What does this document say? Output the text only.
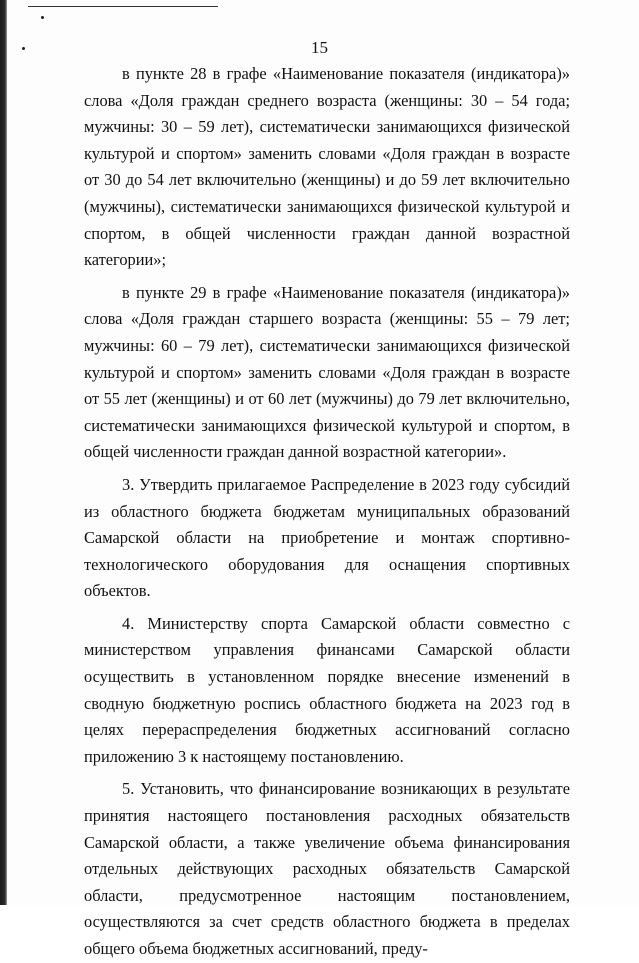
15

в пункте 28 в графе «Наименование показателя (индикатора)» слова «Доля граждан среднего возраста (женщины: 30 – 54 года; мужчины: 30 – 59 лет), систематически занимающихся физической культурой и спортом» заменить словами «Доля граждан в возрасте от 30 до 54 лет включительно (женщины) и до 59 лет включительно (мужчины), систематически занимающихся физической культурой и спортом, в общей численности граждан данной возрастной категории»;

в пункте 29 в графе «Наименование показателя (индикатора)» слова «Доля граждан старшего возраста (женщины: 55 – 79 лет; мужчины: 60 – 79 лет), систематически занимающихся физической культурой и спортом» заменить словами «Доля граждан в возрасте от 55 лет (женщины) и от 60 лет (мужчины) до 79 лет включительно, систематически занимающихся физической культурой и спортом, в общей численности граждан данной возрастной категории».

3. Утвердить прилагаемое Распределение в 2023 году субсидий из областного бюджета бюджетам муниципальных образований Самарской области на приобретение и монтаж спортивно-технологического оборудования для оснащения спортивных объектов.

4. Министерству спорта Самарской области совместно с министерством управления финансами Самарской области осуществить в установленном порядке внесение изменений в сводную бюджетную роспись областного бюджета на 2023 год в целях перераспределения бюджетных ассигнований согласно приложению 3 к настоящему постановлению.

5. Установить, что финансирование возникающих в результате принятия настоящего постановления расходных обязательств Самарской области, а также увеличение объема финансирования отдельных действующих расходных обязательств Самарской области, предусмотренное настоящим постановлением, осуществляются за счет средств областного бюджета в пределах общего объема бюджетных ассигнований, преду-
